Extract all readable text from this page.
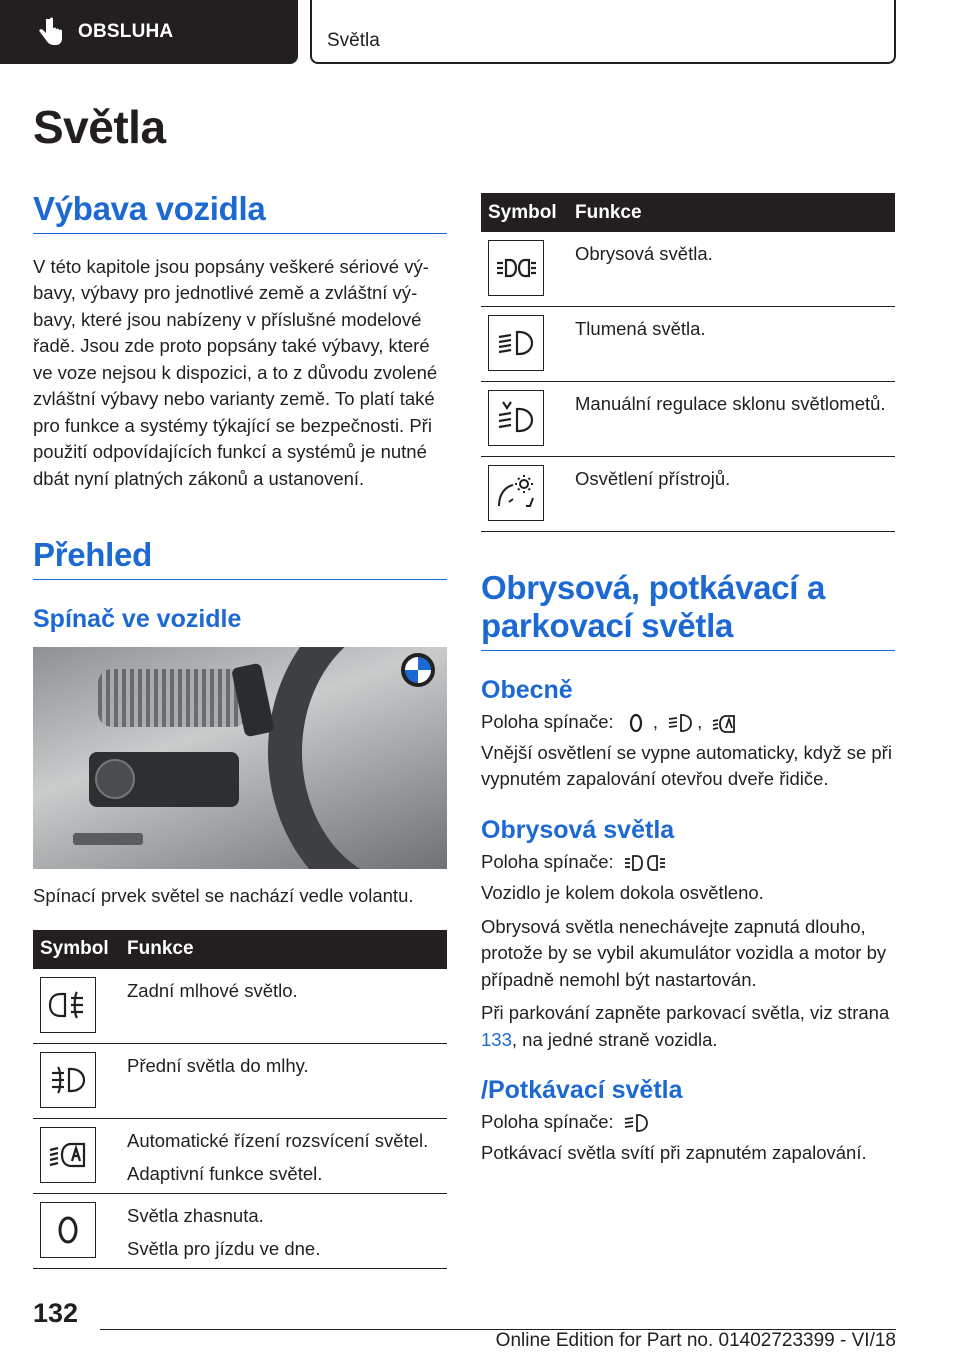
OBSLUHA	Světla
Světla
Výbava vozidla

V této kapitole jsou popsány veškeré sériové výbavy, výbavy pro jednotlivé země a zvláštní výbavy, které jsou nabízeny v příslušné modelové řadě. Jsou zde proto popsány také výbavy, které ve voze nejsou k dispozici, a to z důvodu zvolené zvláštní výbavy nebo varianty země. To platí také pro funkce a systémy týkající se bezpečnosti. Při použití odpovídajících funkcí a systémů je nutné dbát nyní platných zákonů a ustanovení.

Přehled
Spínač ve vozidle

Spínací prvek světel se nachází vedle volantu.

Symbol	Funkce

Zadní mlhové světlo.

Přední světla do mlhy.

Automatické řízení rozsvícení světel.
Adaptivní funkce světel.

Světla zhasnuta.
Světla pro jízdu ve dne.
Symbol	Funkce

Obrysová světla.

Tlumená světla.

Manuální regulace sklonu světlometů.

Osvětlení přístrojů.
Obrysová, potkávací a parkovací světla
Obecně

Poloha spínače: , ,

Vnější osvětlení se vypne automaticky, když se při vypnutém zapalování otevřou dveře řidiče.

Obrysová světla

Poloha spínače:

Vozidlo je kolem dokola osvětleno.

Obrysová světla nenechávejte zapnutá dlouho, protože by se vybil akumulátor vozidla a motor by případně nemohl být nastartován.

Při parkování zapněte parkovací světla, viz strana 133, na jedné straně vozidla.

/Potkávací světla

Poloha spínače:

Potkávací světla svítí při zapnutém zapalování.

132
Online Edition for Part no. 01402723399 - VI/18
